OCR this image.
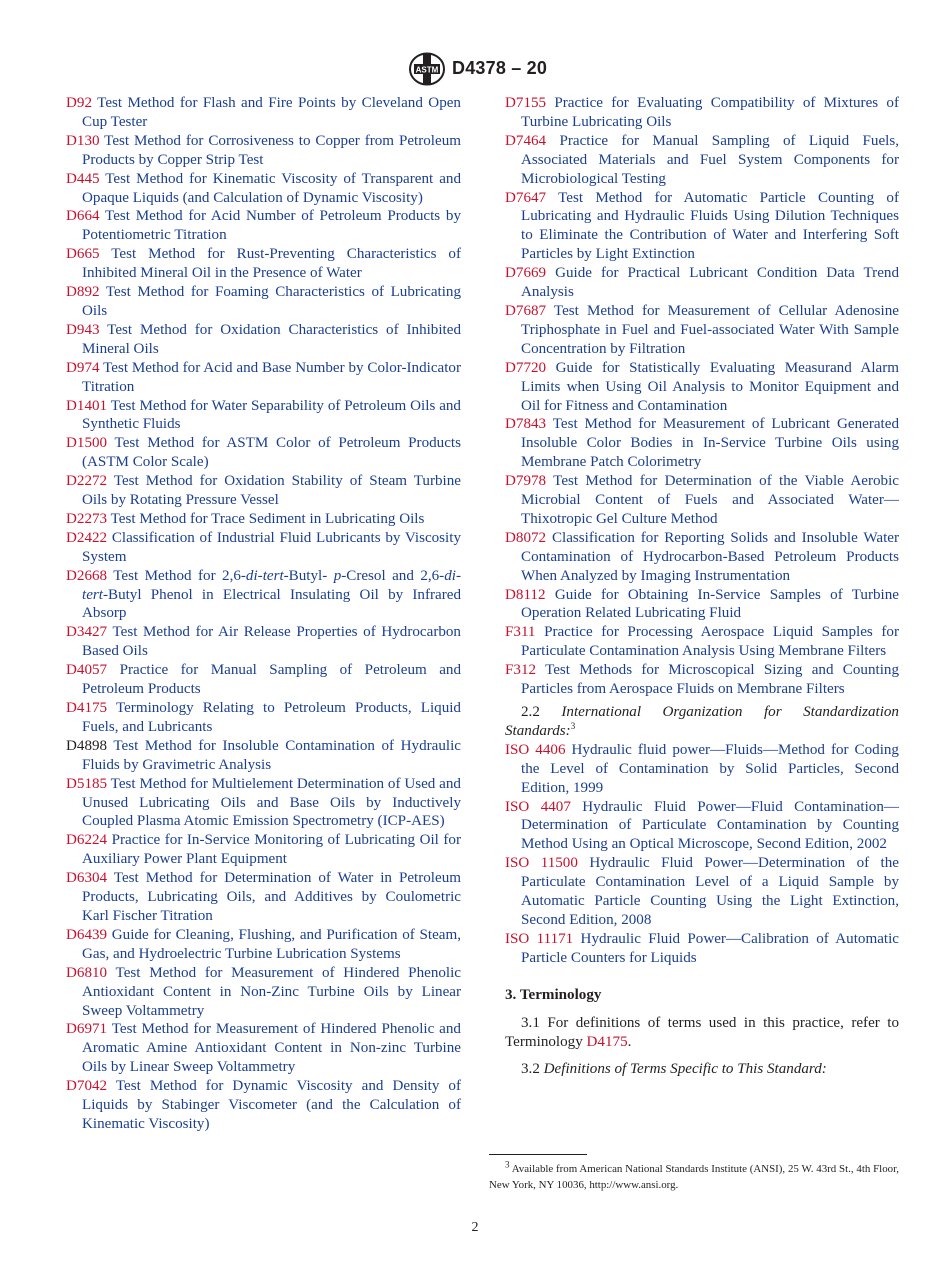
ASTM D4378 – 20

D92 Test Method for Flash and Fire Points by Cleveland Open Cup Tester

D130 Test Method for Corrosiveness to Copper from Petroleum Products by Copper Strip Test

D445 Test Method for Kinematic Viscosity of Transparent and Opaque Liquids (and Calculation of Dynamic Viscosity)

D664 Test Method for Acid Number of Petroleum Products by Potentiometric Titration

D665 Test Method for Rust-Preventing Characteristics of Inhibited Mineral Oil in the Presence of Water

D892 Test Method for Foaming Characteristics of Lubricating Oils

D943 Test Method for Oxidation Characteristics of Inhibited Mineral Oils

D974 Test Method for Acid and Base Number by Color-Indicator Titration

D1401 Test Method for Water Separability of Petroleum Oils and Synthetic Fluids

D1500 Test Method for ASTM Color of Petroleum Products (ASTM Color Scale)

D2272 Test Method for Oxidation Stability of Steam Turbine Oils by Rotating Pressure Vessel

D2273 Test Method for Trace Sediment in Lubricating Oils

D2422 Classification of Industrial Fluid Lubricants by Viscosity System

D2668 Test Method for 2,6-di-tert-Butyl- p-Cresol and 2,6-di-tert-Butyl Phenol in Electrical Insulating Oil by Infrared Absorp

D3427 Test Method for Air Release Properties of Hydrocarbon Based Oils

D4057 Practice for Manual Sampling of Petroleum and Petroleum Products

D4175 Terminology Relating to Petroleum Products, Liquid Fuels, and Lubricants

D4898 Test Method for Insoluble Contamination of Hydraulic Fluids by Gravimetric Analysis

D5185 Test Method for Multielement Determination of Used and Unused Lubricating Oils and Base Oils by Inductively Coupled Plasma Atomic Emission Spectrometry (ICP-AES)

D6224 Practice for In-Service Monitoring of Lubricating Oil for Auxiliary Power Plant Equipment

D6304 Test Method for Determination of Water in Petroleum Products, Lubricating Oils, and Additives by Coulometric Karl Fischer Titration

D6439 Guide for Cleaning, Flushing, and Purification of Steam, Gas, and Hydroelectric Turbine Lubrication Systems

D6810 Test Method for Measurement of Hindered Phenolic Antioxidant Content in Non-Zinc Turbine Oils by Linear Sweep Voltammetry

D6971 Test Method for Measurement of Hindered Phenolic and Aromatic Amine Antioxidant Content in Non-zinc Turbine Oils by Linear Sweep Voltammetry

D7042 Test Method for Dynamic Viscosity and Density of Liquids by Stabinger Viscometer (and the Calculation of Kinematic Viscosity)

D7155 Practice for Evaluating Compatibility of Mixtures of Turbine Lubricating Oils

D7464 Practice for Manual Sampling of Liquid Fuels, Associated Materials and Fuel System Components for Microbiological Testing

D7647 Test Method for Automatic Particle Counting of Lubricating and Hydraulic Fluids Using Dilution Techniques to Eliminate the Contribution of Water and Interfering Soft Particles by Light Extinction

D7669 Guide for Practical Lubricant Condition Data Trend Analysis

D7687 Test Method for Measurement of Cellular Adenosine Triphosphate in Fuel and Fuel-associated Water With Sample Concentration by Filtration

D7720 Guide for Statistically Evaluating Measurand Alarm Limits when Using Oil Analysis to Monitor Equipment and Oil for Fitness and Contamination

D7843 Test Method for Measurement of Lubricant Generated Insoluble Color Bodies in In-Service Turbine Oils using Membrane Patch Colorimetry

D7978 Test Method for Determination of the Viable Aerobic Microbial Content of Fuels and Associated Water—Thixotropic Gel Culture Method

D8072 Classification for Reporting Solids and Insoluble Water Contamination of Hydrocarbon-Based Petroleum Products When Analyzed by Imaging Instrumentation

D8112 Guide for Obtaining In-Service Samples of Turbine Operation Related Lubricating Fluid

F311 Practice for Processing Aerospace Liquid Samples for Particulate Contamination Analysis Using Membrane Filters

F312 Test Methods for Microscopical Sizing and Counting Particles from Aerospace Fluids on Membrane Filters

2.2 International Organization for Standardization Standards:$^3$

ISO 4406 Hydraulic fluid power—Fluids—Method for Coding the Level of Contamination by Solid Particles, Second Edition, 1999

ISO 4407 Hydraulic Fluid Power—Fluid Contamination—Determination of Particulate Contamination by Counting Method Using an Optical Microscope, Second Edition, 2002

ISO 11500 Hydraulic Fluid Power—Determination of the Particulate Contamination Level of a Liquid Sample by Automatic Particle Counting Using the Light Extinction, Second Edition, 2008

ISO 11171 Hydraulic Fluid Power—Calibration of Automatic Particle Counters for Liquids

3. Terminology

3.1 For definitions of terms used in this practice, refer to Terminology D4175.

3.2 Definitions of Terms Specific to This Standard:

$^3$ Available from American National Standards Institute (ANSI), 25 W. 43rd St., 4th Floor, New York, NY 10036, http://www.ansi.org.

2
